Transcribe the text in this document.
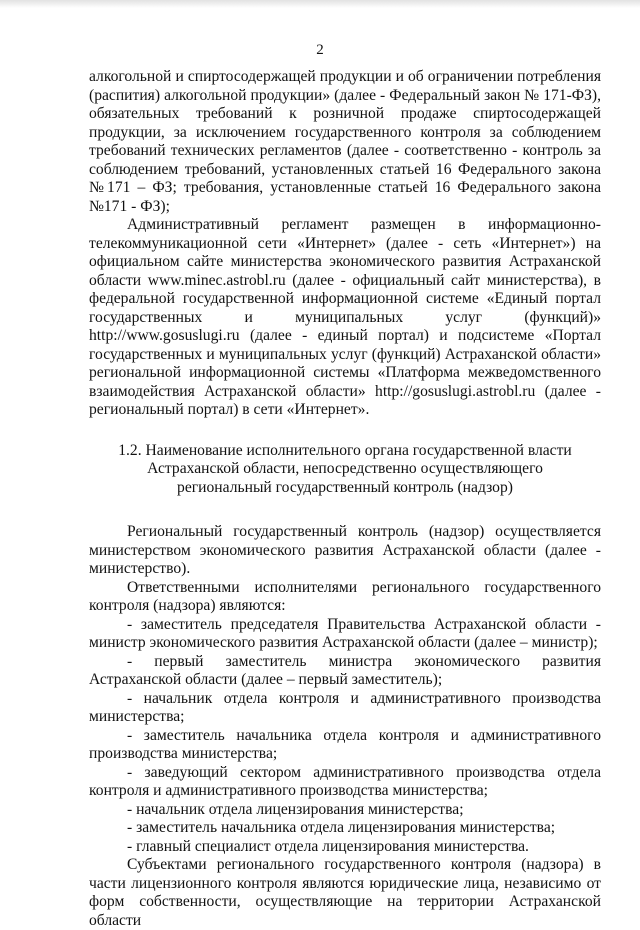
2

алкогольной и спиртосодержащей продукции и об ограничении потребления (распития) алкогольной продукции» (далее - Федеральный закон № 171-ФЗ), обязательных требований к розничной продаже спиртосодержащей продукции, за исключением государственного контроля за соблюдением требований технических регламентов (далее - соответственно - контроль за соблюдением требований, установленных статьей 16 Федерального закона №171 – ФЗ; требования, установленные статьей 16 Федерального закона №171 - ФЗ);

Административный регламент размещен в информационно-телекоммуникационной сети «Интернет» (далее - сеть «Интернет») на официальном сайте министерства экономического развития Астраханской области www.minec.astrobl.ru (далее - официальный сайт министерства), в федеральной государственной информационной системе «Единый портал государственных и муниципальных услуг (функций)» http://www.gosuslugi.ru (далее - единый портал) и подсистеме «Портал государственных и муниципальных услуг (функций) Астраханской области» региональной информационной системы «Платформа межведомственного взаимодействия Астраханской области» http://gosuslugi.astrobl.ru (далее - региональный портал) в сети «Интернет».

1.2. Наименование исполнительного органа государственной власти Астраханской области, непосредственно осуществляющего региональный государственный контроль (надзор)

Региональный государственный контроль (надзор) осуществляется министерством экономического развития Астраханской области (далее - министерство).

Ответственными исполнителями регионального государственного контроля (надзора) являются:

- заместитель председателя Правительства Астраханской области - министр экономического развития Астраханской области (далее – министр);

- первый заместитель министра экономического развития Астраханской области (далее – первый заместитель);

- начальник отдела контроля и административного производства министерства;

- заместитель начальника отдела контроля и административного производства министерства;

- заведующий сектором административного производства отдела контроля и административного производства министерства;

- начальник отдела лицензирования министерства;

- заместитель начальника отдела лицензирования министерства;

- главный специалист отдела лицензирования министерства.

Субъектами регионального государственного контроля (надзора) в части лицензионного контроля являются юридические лица, независимо от форм собственности, осуществляющие на территории Астраханской области
